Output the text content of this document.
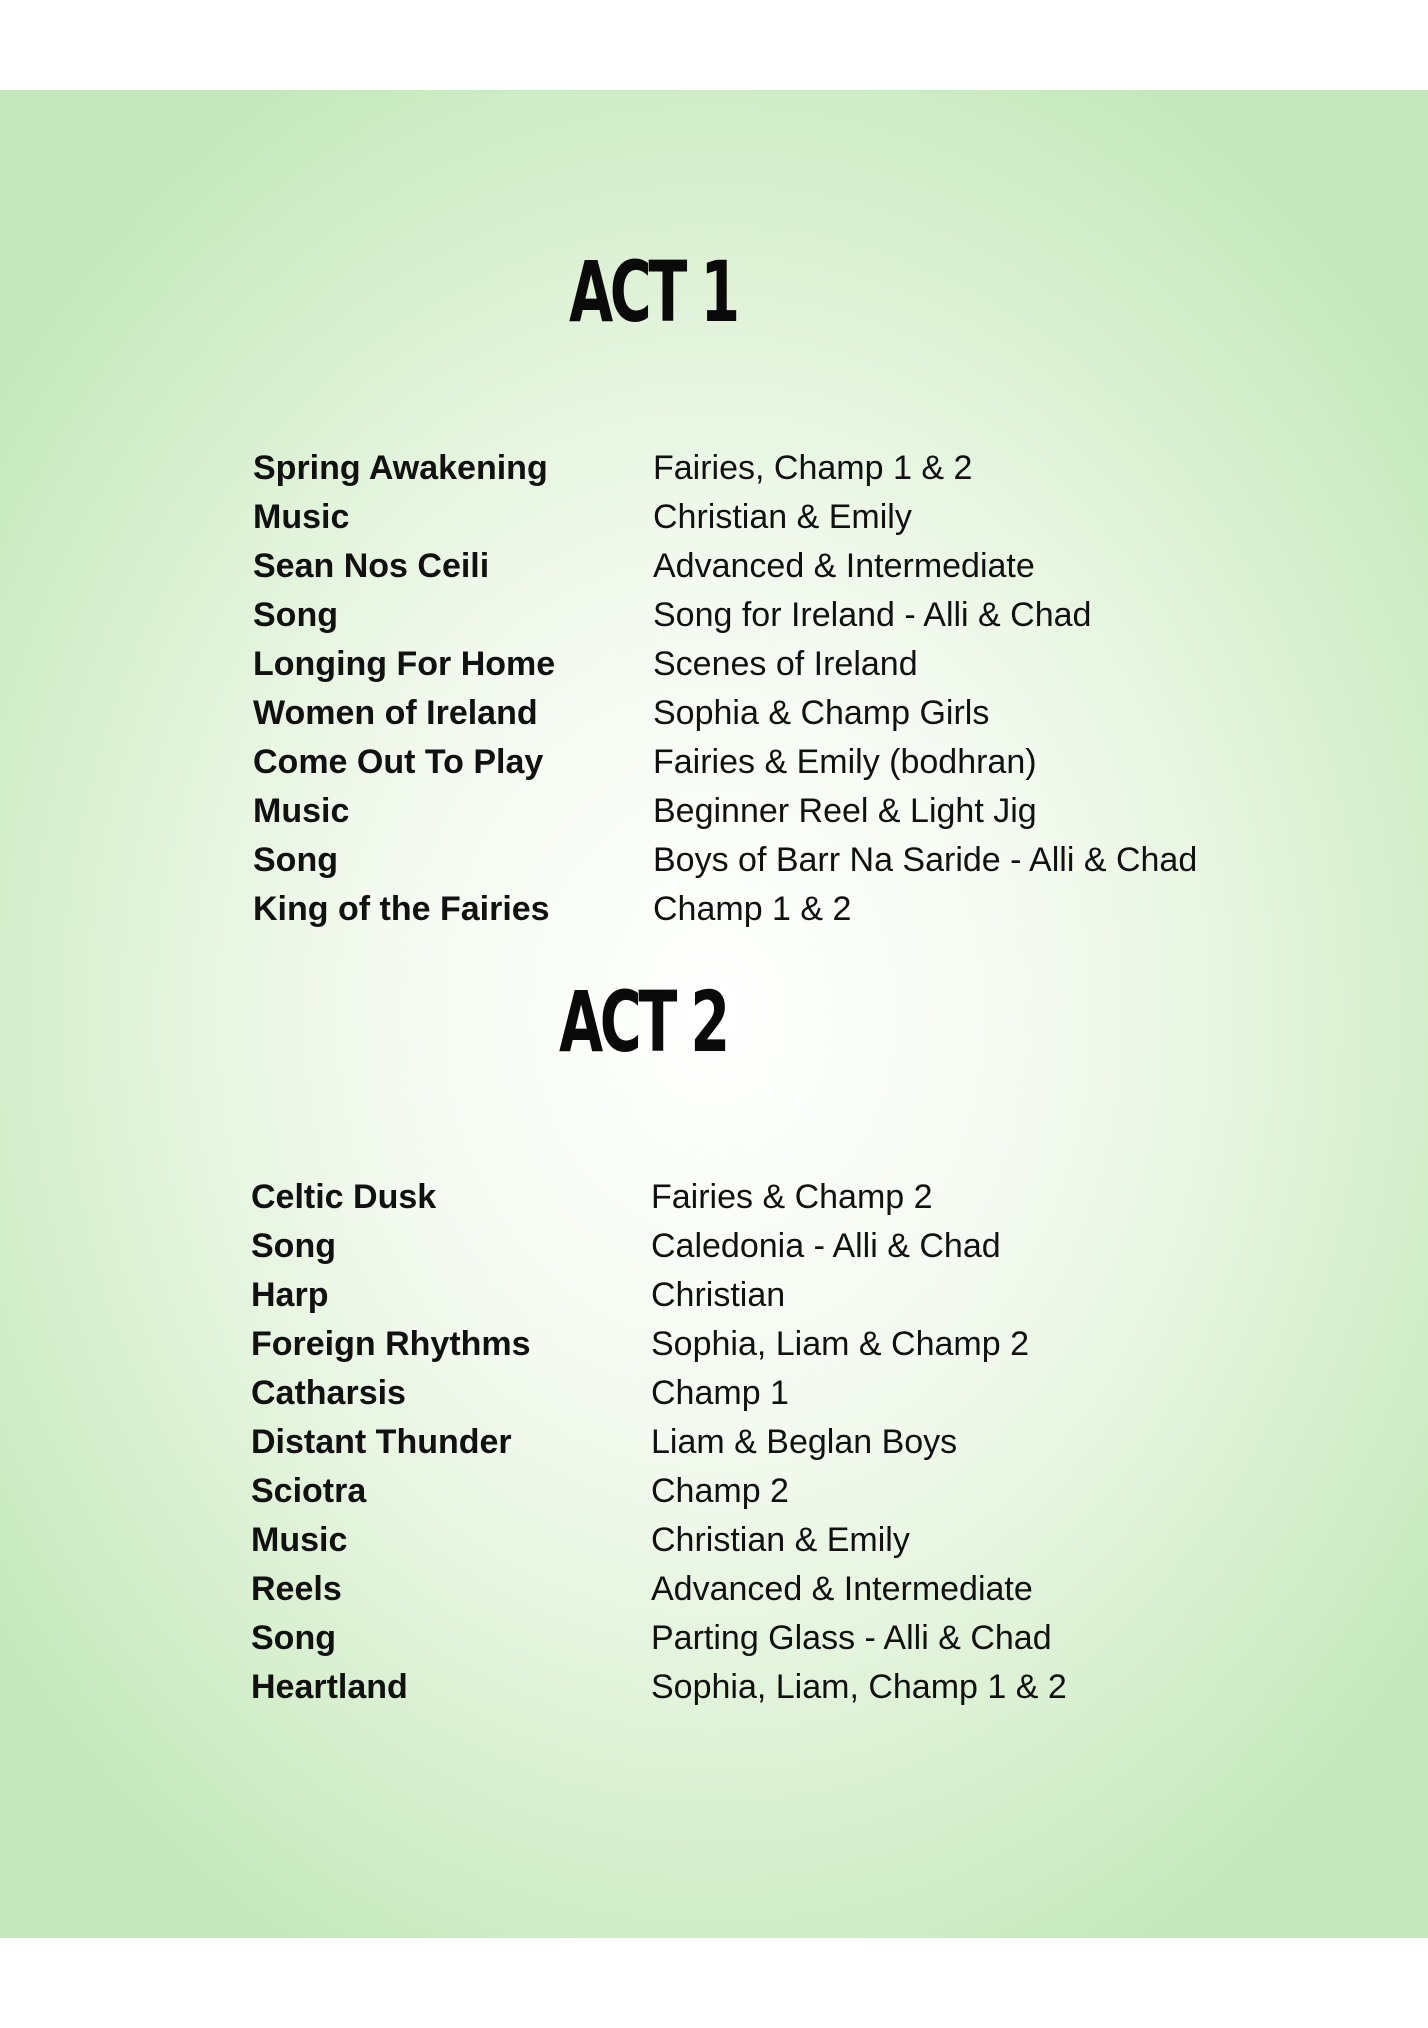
ACT 1
Spring Awakening	Fairies, Champ 1 & 2
Music	Christian & Emily
Sean Nos Ceili	Advanced & Intermediate
Song	Song for Ireland - Alli & Chad
Longing For Home	Scenes of Ireland
Women of Ireland	Sophia & Champ Girls
Come Out To Play	Fairies & Emily (bodhran)
Music	Beginner Reel & Light Jig
Song	Boys of Barr Na Saride - Alli & Chad
King of the Fairies	Champ 1 & 2
ACT 2
Celtic Dusk	Fairies & Champ 2
Song	Caledonia - Alli & Chad
Harp	Christian
Foreign Rhythms	Sophia, Liam & Champ 2
Catharsis	Champ 1
Distant Thunder	Liam & Beglan Boys
Sciotra	Champ 2
Music	Christian & Emily
Reels	Advanced & Intermediate
Song	Parting Glass - Alli & Chad
Heartland	Sophia, Liam, Champ 1 & 2
